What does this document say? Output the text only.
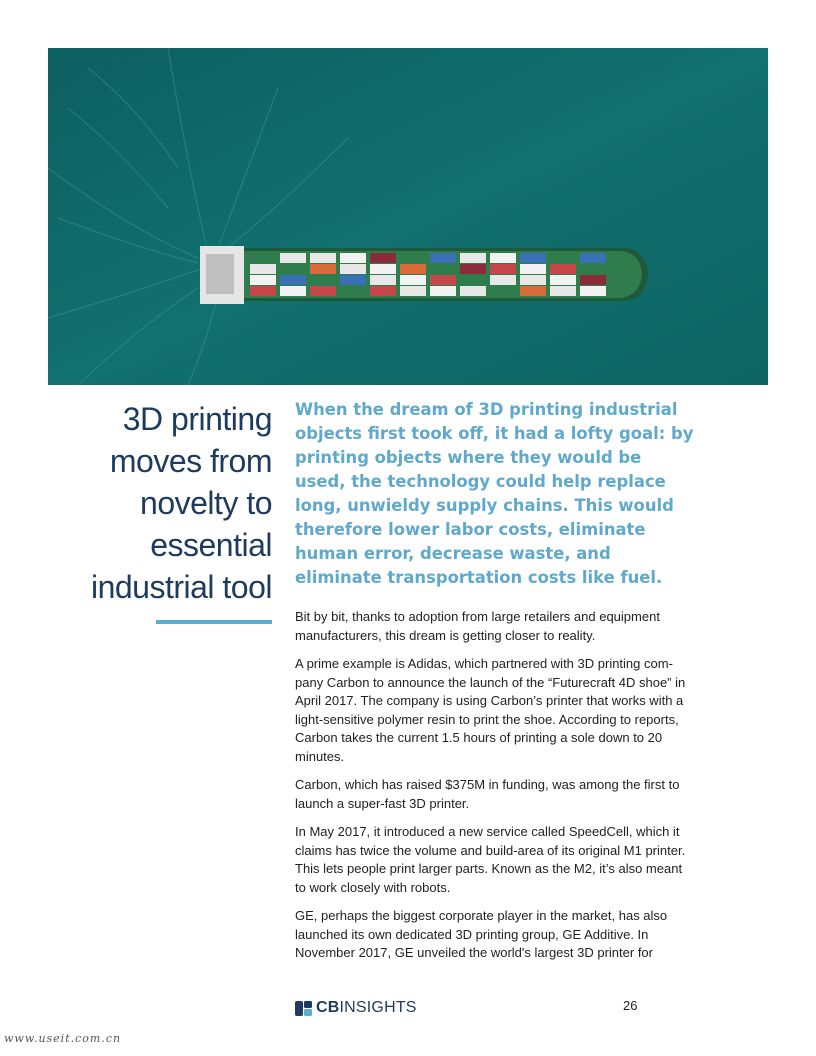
3D printing
moves from
novelty to
essential
industrial tool
When the dream of 3D printing industrial objects first took off, it had a lofty goal: by printing objects where they would be used, the technology could help replace long, unwieldy supply chains. This would therefore lower labor costs, eliminate human error, decrease waste, and eliminate transportation costs like fuel.

Bit by bit, thanks to adoption from large retailers and equipment manufacturers, this dream is getting closer to reality.

A prime example is Adidas, which partnered with 3D printing com-pany Carbon to announce the launch of the “Futurecraft 4D shoe” in April 2017. The company is using Carbon’s printer that works with a light-sensitive polymer resin to print the shoe. According to reports, Carbon takes the current 1.5 hours of printing a sole down to 20 minutes.

Carbon, which has raised $375M in funding, was among the first to launch a super-fast 3D printer.

In May 2017, it introduced a new service called SpeedCell, which it claims has twice the volume and build-area of its original M1 printer. This lets people print larger parts. Known as the M2, it’s also meant to work closely with robots.

GE, perhaps the biggest corporate player in the market, has also launched its own dedicated 3D printing group, GE Additive. In November 2017, GE unveiled the world's largest 3D printer for

CBINSIGHTS	26
www.useit.com.cn
